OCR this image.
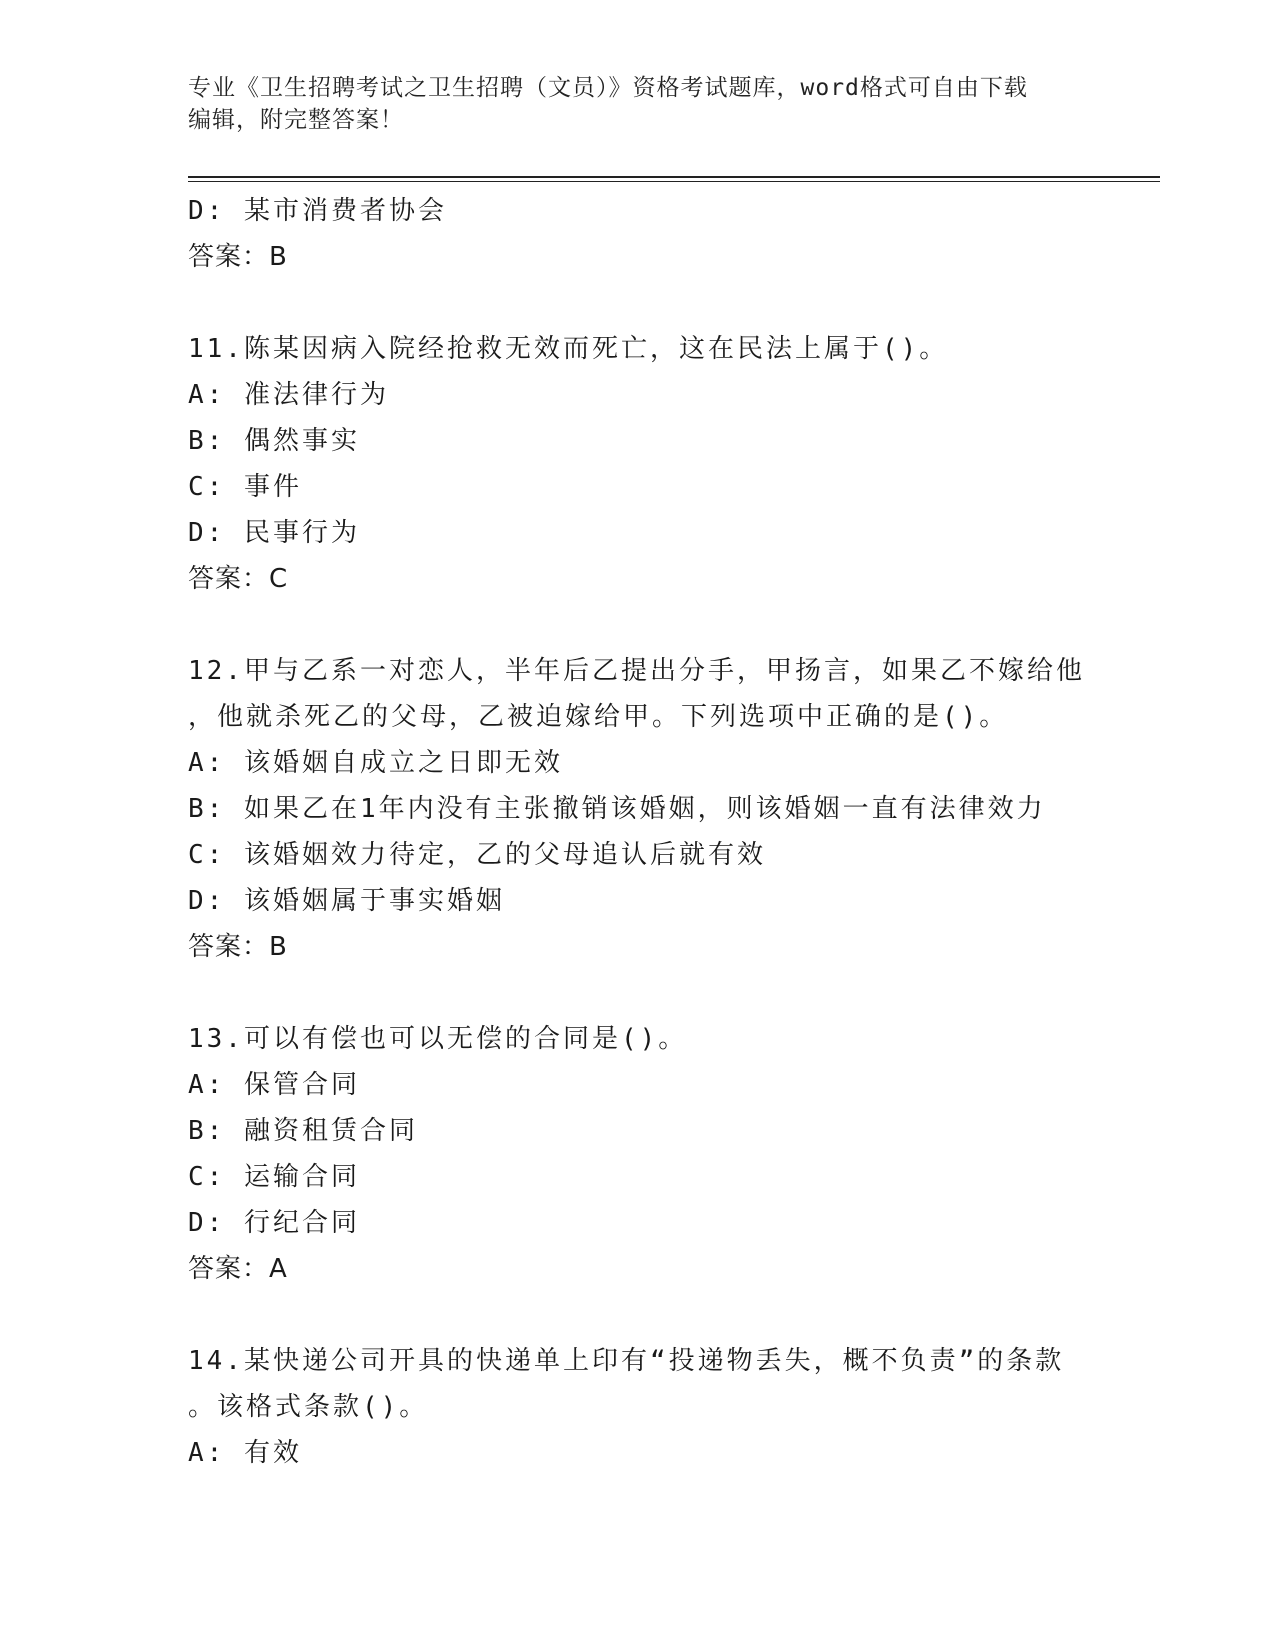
专业《卫生招聘考试之卫生招聘（文员）》资格考试题库，word格式可自由下载
编辑，附完整答案！
D: 某市消费者协会
答案：B
11.陈某因病入院经抢救无效而死亡，这在民法上属于()。
A: 准法律行为
B: 偶然事实
C: 事件
D: 民事行为
答案：C
12.甲与乙系一对恋人，半年后乙提出分手，甲扬言，如果乙不嫁给他
，他就杀死乙的父母，乙被迫嫁给甲。下列选项中正确的是()。
A: 该婚姻自成立之日即无效
B: 如果乙在1年内没有主张撤销该婚姻，则该婚姻一直有法律效力
C: 该婚姻效力待定，乙的父母追认后就有效
D: 该婚姻属于事实婚姻
答案：B
13.可以有偿也可以无偿的合同是()。
A: 保管合同
B: 融资租赁合同
C: 运输合同
D: 行纪合同
答案：A
14.某快递公司开具的快递单上印有“投递物丢失，概不负责”的条款
。该格式条款()。
A: 有效
